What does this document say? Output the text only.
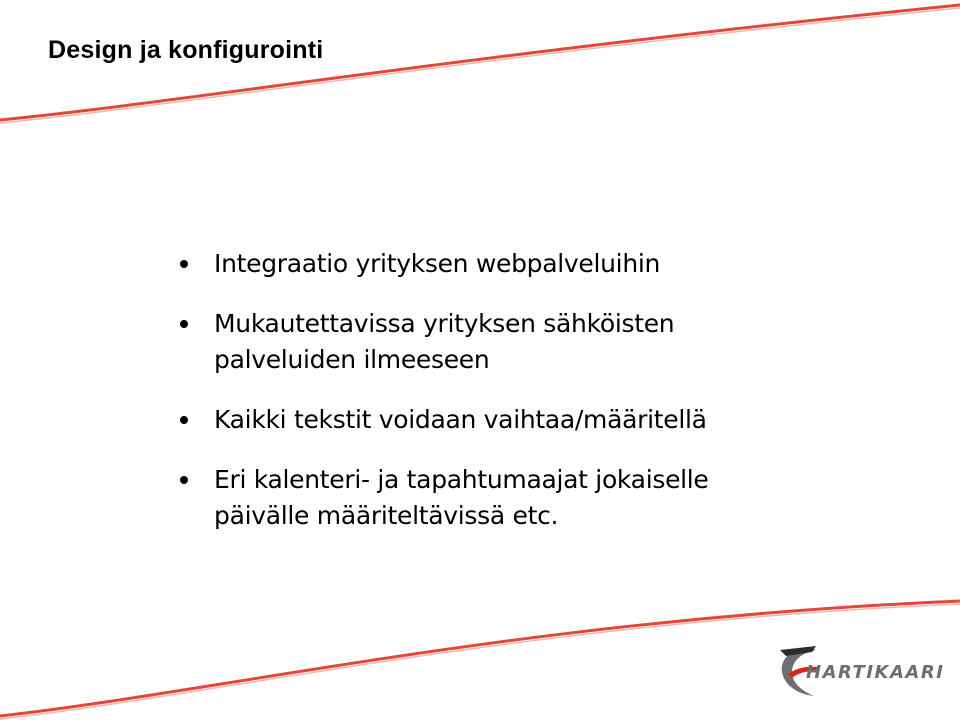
Design ja konfigurointi
Integraatio yrityksen webpalveluihin
Mukautettavissa yrityksen sähköisten
palveluiden ilmeeseen
Kaikki tekstit voidaan vaihtaa/määritellä
Eri kalenteri- ja tapahtumaajat jokaiselle
päivälle määriteltävissä etc.
HARTIKAARI
